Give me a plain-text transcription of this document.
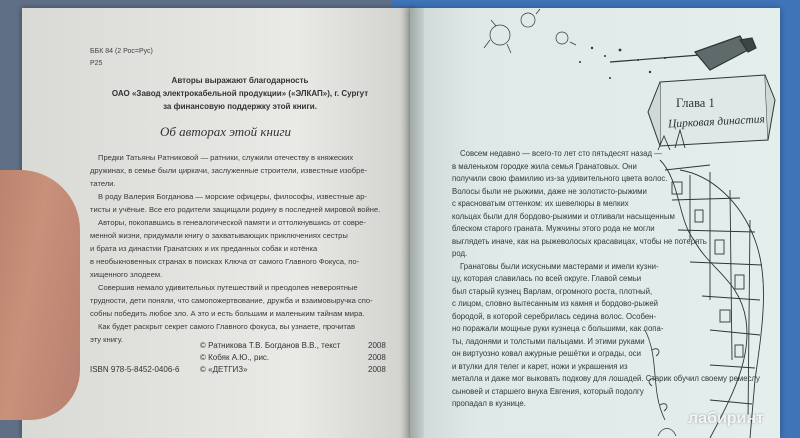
ББК 84 (2 Рос=Рус)

Р25

Авторы выражают благодарность

ОАО «Завод электрокабельной продукции» («ЭЛКАП»), г. Сургут

за финансовую поддержку этой книги.

Об авторах этой книги

Предки Татьяны Ратниковой — ратники, служили отечеству в княжеских

дружинах, в семье были циркачи, заслуженные строители, известные изобре-

татели.

В роду Валерия Богданова — морские офицеры, философы, известные ар-

тисты и учёные. Все его родители защищали родину в последней мировой войне.

Авторы, покопавшись в генеалогической памяти и оттолкнувшись от совре-

менной жизни, придумали книгу о захватывающих приключениях сестры

и брата из династии Гранатских и их преданных собак и котёнка

в необыкновенных странах в поисках Ключа от самого Главного Фокуса, по-

хищенного злодеем.

Совершив немало удивительных путешествий и преодолев невероятные

трудности, дети поняли, что самопожертвование, дружба и взаимовыручка спо-

собны победить любое зло. А это и есть большим и маленьким тайнам мира.

Как будет раскрыт секрет самого Главного фокуса, вы узнаете, прочитав

эту книгу.

© Ратникова Т.В. Богданов В.В., текст	2008

© Кобяк А.Ю., рис.	2008

ISBN 978-5-8452-0406-6	© «ДЕТГИЗ»	2008

Глава 1

Цирковая династия

Совсем недавно — всего-то лет сто пятьдесят назад —

в маленьком городке жила семья Гранатовых. Они

получили свою фамилию из-за удивительного цвета волос.

Волосы были не рыжими, даже не золотисто-рыжими

с красноватым оттенком: их шевелюры в мелких

кольцах были для бордово-рыжими и отливали насыщенным

блеском старого граната. Мужчины этого рода не могли

выглядеть иначе, как на рыжеволосых красавицах, чтобы не потерять

род.

Гранатовы были искусными мастерами и имели кузни-

цу, которая славилась по всей округе. Главой семьи

был старый кузнец Варлам, огромного роста, плотный,

с лицом, словно вытесанным из камня и бордово-рыжей

бородой, в которой серебрилась седина волос. Особен-

но поражали мощные руки кузнеца с большими, как лопа-

ты, ладонями и толстыми пальцами. И этими руками

он виртуозно ковал ажурные решётки и ограды, оси

и втулки для телег и карет, ножи и украшения из

металла и даже мог выковать подкову для лошадей. Старик обучил своему ремеслу

сыновей и старшего внука Евгения, который подолгу

пропадал в кузнице.

лабиринт
